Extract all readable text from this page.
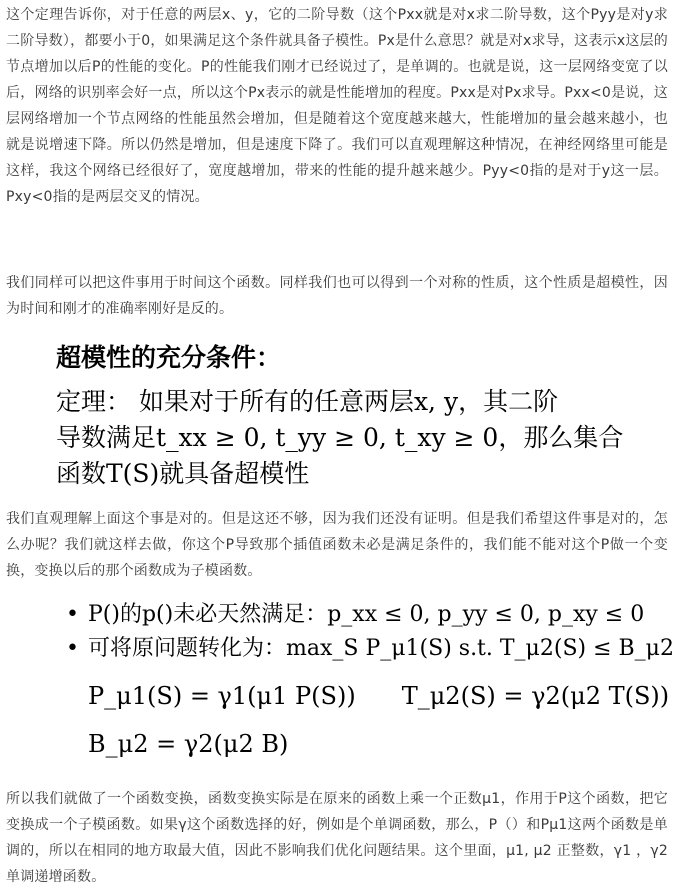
这个定理告诉你，对于任意的两层x、y，它的二阶导数（这个Pxx就是对x求二阶导数，这个Pyy是对y求二阶导数），都要小于0，如果满足这个条件就具备子模性。Px是什么意思？就是对x求导，这表示x这层的节点增加以后P的性能的变化。P的性能我们刚才已经说过了，是单调的。也就是说，这一层网络变宽了以后，网络的识别率会好一点，所以这个Px表示的就是性能增加的程度。Pxx是对Px求导。Pxx<0是说，这层网络增加一个节点网络的性能虽然会增加，但是随着这个宽度越来越大，性能增加的量会越来越小，也就是说增速下降。所以仍然是增加，但是速度下降了。我们可以直观理解这种情况，在神经网络里可能是这样，我这个网络已经很好了，宽度越增加，带来的性能的提升越来越少。Pyy<0指的是对于y这一层。Pxy<0指的是两层交叉的情况。

我们同样可以把这件事用于时间这个函数。同样我们也可以得到一个对称的性质，这个性质是超模性，因为时间和刚才的准确率刚好是反的。

超模性的充分条件：
定理： 如果对于所有的任意两层x, y，其二阶
导数满足t_xx ≥ 0, t_yy ≥ 0, t_xy ≥ 0，那么集合
函数T(S)就具备超模性

我们直观理解上面这个事是对的。但是这还不够，因为我们还没有证明。但是我们希望这件事是对的，怎么办呢？我们就这样去做，你这个P导致那个插值函数未必是满足条件的，我们能不能对这个P做一个变换，变换以后的那个函数成为子模函数。

• P()的p()未必天然满足：p_xx ≤ 0, p_yy ≤ 0, p_xy ≤ 0
• 可将原问题转化为：max_S P_μ1(S) s.t. T_μ2(S) ≤ B_μ2
P_μ1(S) = γ1(μ1 P(S)) T_μ2(S) = γ2(μ2 T(S))
B_μ2 = γ2(μ2 B)

所以我们就做了一个函数变换，函数变换实际是在原来的函数上乘一个正数μ1，作用于P这个函数，把它变换成一个子模函数。如果γ这个函数选择的好，例如是个单调函数，那么，P（）和Pμ1这两个函数是单调的，所以在相同的地方取最大值，因此不影响我们优化问题结果。这个里面，μ1, μ2 正整数，γ1 ，γ2单调递增函数。
